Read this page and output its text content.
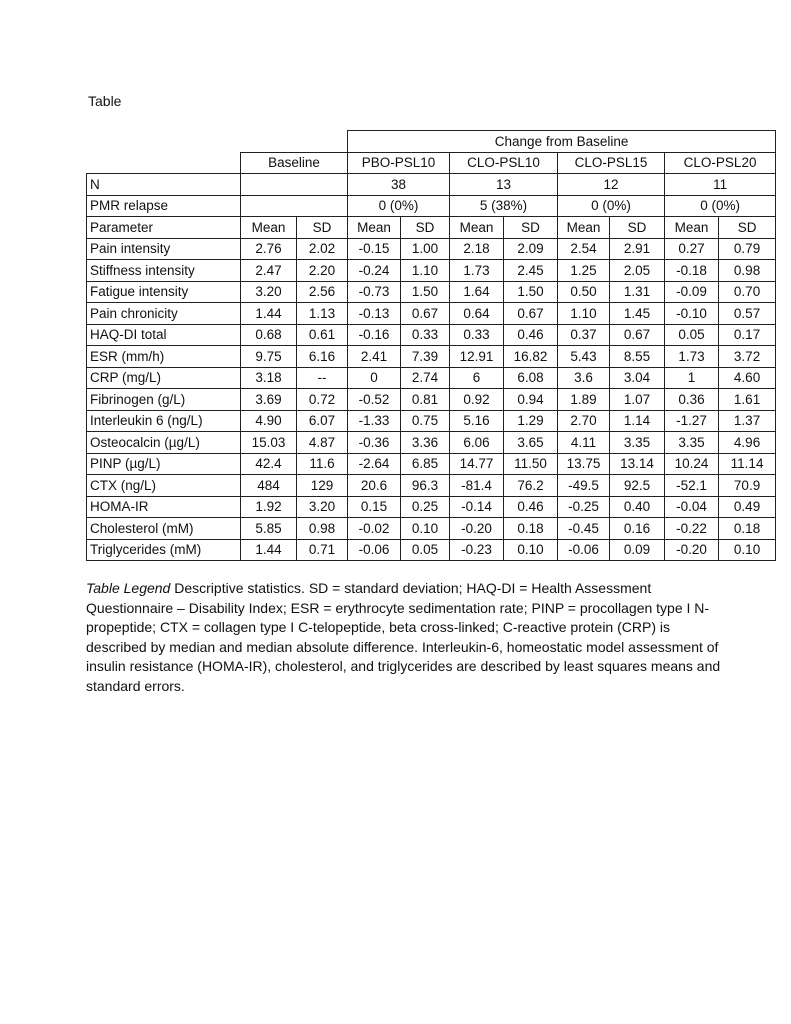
Table
			Change from Baseline							
	Baseline		PBO-PSL10		CLO-PSL10		CLO-PSL15		CLO-PSL20	
N			38		13		12		11	
PMR relapse			0 (0%)		5 (38%)		0 (0%)		0 (0%)	
Parameter	Mean	SD	Mean	SD	Mean	SD	Mean	SD	Mean	SD
Pain intensity	2.76	2.02	-0.15	1.00	2.18	2.09	2.54	2.91	0.27	0.79
Stiffness intensity	2.47	2.20	-0.24	1.10	1.73	2.45	1.25	2.05	-0.18	0.98
Fatigue intensity	3.20	2.56	-0.73	1.50	1.64	1.50	0.50	1.31	-0.09	0.70
Pain chronicity	1.44	1.13	-0.13	0.67	0.64	0.67	1.10	1.45	-0.10	0.57
HAQ-DI total	0.68	0.61	-0.16	0.33	0.33	0.46	0.37	0.67	0.05	0.17
ESR (mm/h)	9.75	6.16	2.41	7.39	12.91	16.82	5.43	8.55	1.73	3.72
CRP (mg/L)	3.18	--	0	2.74	6	6.08	3.6	3.04	1	4.60
Fibrinogen (g/L)	3.69	0.72	-0.52	0.81	0.92	0.94	1.89	1.07	0.36	1.61
Interleukin 6 (ng/L)	4.90	6.07	-1.33	0.75	5.16	1.29	2.70	1.14	-1.27	1.37
Osteocalcin (µg/L)	15.03	4.87	-0.36	3.36	6.06	3.65	4.11	3.35	3.35	4.96
PINP (µg/L)	42.4	11.6	-2.64	6.85	14.77	11.50	13.75	13.14	10.24	11.14
CTX (ng/L)	484	129	20.6	96.3	-81.4	76.2	-49.5	92.5	-52.1	70.9
HOMA-IR	1.92	3.20	0.15	0.25	-0.14	0.46	-0.25	0.40	-0.04	0.49
Cholesterol (mM)	5.85	0.98	-0.02	0.10	-0.20	0.18	-0.45	0.16	-0.22	0.18
Triglycerides (mM)	1.44	0.71	-0.06	0.05	-0.23	0.10	-0.06	0.09	-0.20	0.10
Table Legend Descriptive statistics. SD = standard deviation; HAQ-DI = Health Assessment Questionnaire – Disability Index; ESR = erythrocyte sedimentation rate; PINP = procollagen type I N-propeptide; CTX = collagen type I C-telopeptide, beta cross-linked; C-reactive protein (CRP) is described by median and median absolute difference. Interleukin-6, homeostatic model assessment of insulin resistance (HOMA-IR), cholesterol, and triglycerides are described by least squares means and standard errors.
